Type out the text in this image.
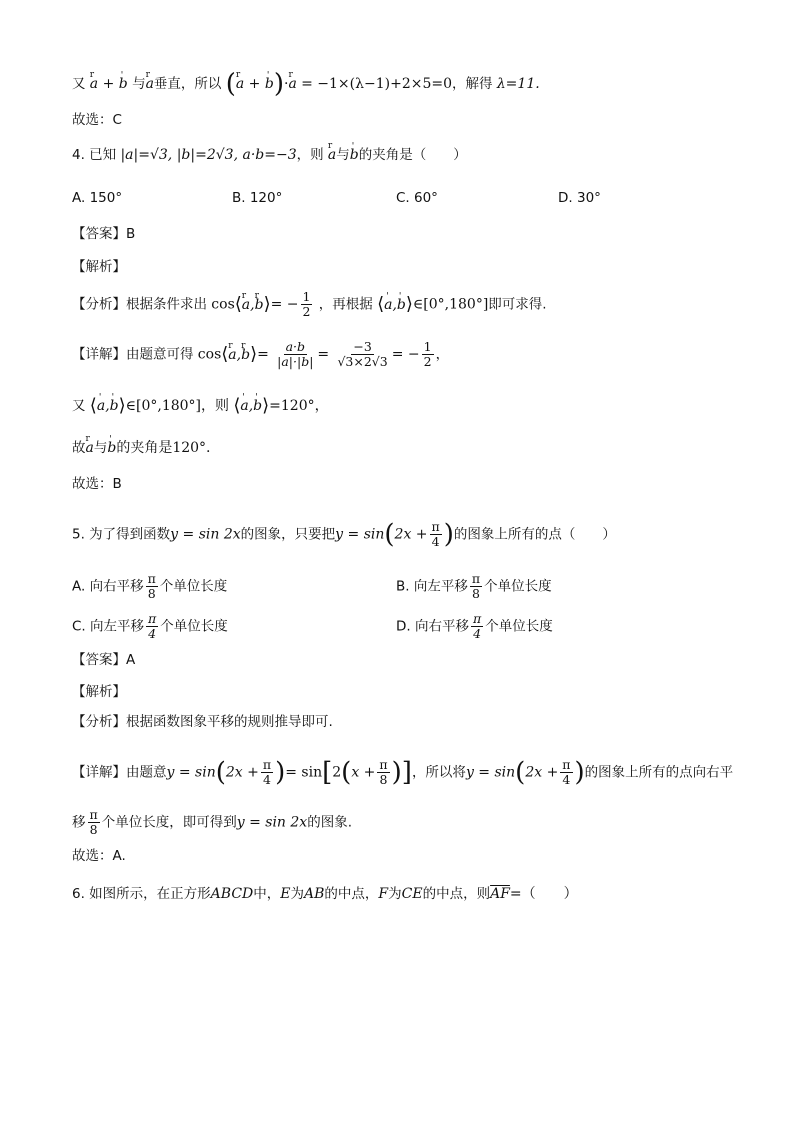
又 r a + ' b 与r a垂直，所以 (r a + ' b)·r a = −1×(λ−1)+2×5=0，解得 λ=11.
故选：C
4. 已知 |a|=√3, |b|=2√3, a·b=−3，则 r a与' b的夹角是（　　）
A. 150°	B. 120°	C. 60°	D. 30°
【答案】B
【解析】
【分析】根据条件求出 cos⟨r a,r b⟩= − $\frac{1}{2}$ ，再根据 ⟨' a,' b⟩∈[0°,180°]即可求得.
【详解】由题意可得 cos⟨r a,r b⟩= $\frac{a\cdot b}{|a|\cdot|b|} = \frac{-3}{√3\times 2√3}$ = − $\frac{1}{2}$ ，
又 ⟨' a,' b⟩∈[0°,180°]，则 ⟨' a,' b⟩=120°，
故r a与' b的夹角是120°.
故选：B
5. 为了得到函数y = sin 2x的图象，只要把$y = \sin(2x + \frac{\pi}{4}$ )的图象上所有的点（　　）
A. 向右平移 $\frac{\pi}{8}$ 个单位长度	B. 向左平移 $\frac{\pi}{8}$ 个单位长度
C. 向左平移 $\frac{\pi}{4}$ 个单位长度	D. 向右平移 $\frac{\pi}{4}$ 个单位长度
【答案】A
【解析】
【分析】根据函数图象平移的规则推导即可.
【详解】由题意$y = \sin(2x + \frac{\pi}{4}$ )= $\sin[2(x + \frac{\pi}{8}$ )]，所以将$y = \sin(2x + \frac{\pi}{4}$ )的图象上所有的点向右平
移 $\frac{\pi}{8}$ 个单位长度，即可得到y = sin 2x的图象.
故选：A.
6. 如图所示，在正方形ABCD中，E为AB的中点，F为CE的中点，则$\overline{AF}=$（　　）
